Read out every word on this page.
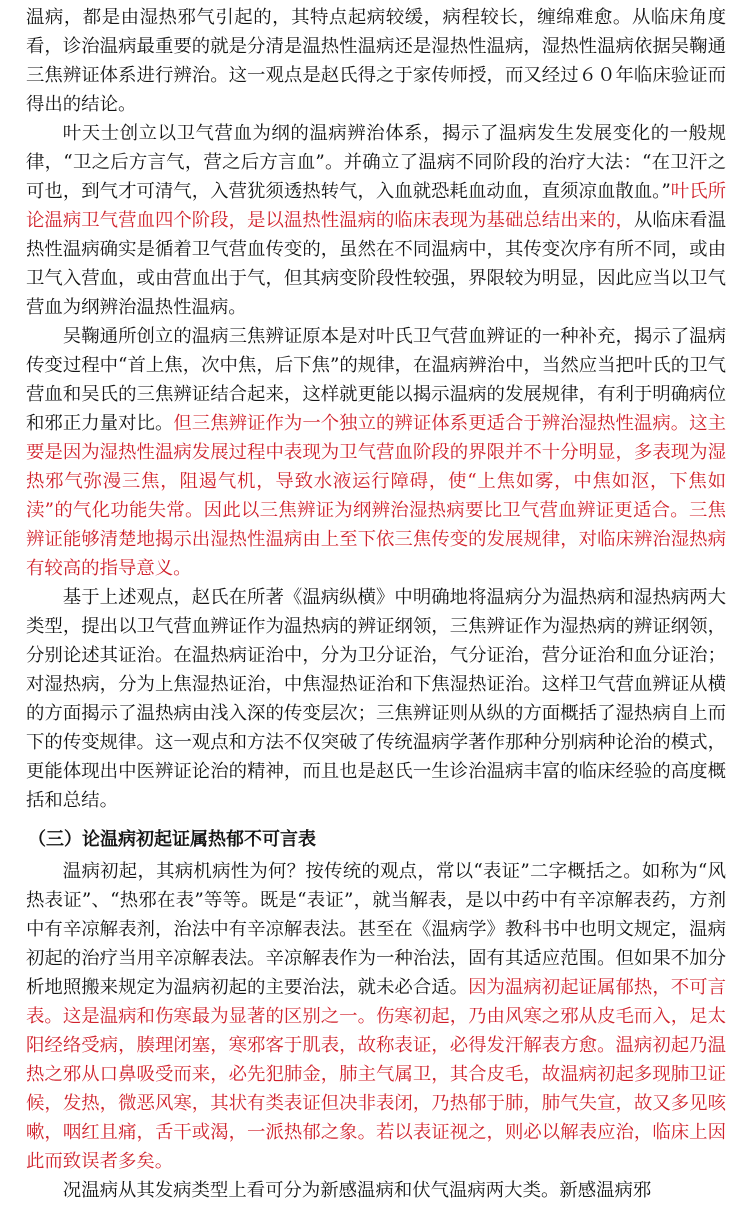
温病，都是由湿热邪气引起的，其特点起病较缓，病程较长，缠绵难愈。从临床角度看，诊治温病最重要的就是分清是温热性温病还是湿热性温病，湿热性温病依据吴鞠通三焦辨证体系进行辨治。这一观点是赵氏得之于家传师授，而又经过６０年临床验证而得出的结论。

叶天士创立以卫气营血为纲的温病辨治体系，揭示了温病发生发展变化的一般规律，“卫之后方言气，营之后方言血”。并确立了温病不同阶段的治疗大法：“在卫汗之可也，到气才可清气，入营犹须透热转气，入血就恐耗血动血，直须凉血散血。”叶氏所论温病卫气营血四个阶段，是以温热性温病的临床表现为基础总结出来的，从临床看温热性温病确实是循着卫气营血传变的，虽然在不同温病中，其传变次序有所不同，或由卫气入营血，或由营血出于气，但其病变阶段性较强，界限较为明显，因此应当以卫气营血为纲辨治温热性温病。

吴鞠通所创立的温病三焦辨证原本是对叶氏卫气营血辨证的一种补充，揭示了温病传变过程中“首上焦，次中焦，后下焦”的规律，在温病辨治中，当然应当把叶氏的卫气营血和吴氏的三焦辨证结合起来，这样就更能以揭示温病的发展规律，有利于明确病位和邪正力量对比。但三焦辨证作为一个独立的辨证体系更适合于辨治湿热性温病。这主要是因为湿热性温病发展过程中表现为卫气营血阶段的界限并不十分明显，多表现为湿热邪气弥漫三焦，阻遏气机，导致水液运行障碍，使“上焦如雾，中焦如沤，下焦如渎”的气化功能失常。因此以三焦辨证为纲辨治湿热病要比卫气营血辨证更适合。三焦辨证能够清楚地揭示出湿热性温病由上至下依三焦传变的发展规律，对临床辨治湿热病有较高的指导意义。

基于上述观点，赵氏在所著《温病纵横》中明确地将温病分为温热病和湿热病两大类型，提出以卫气营血辨证作为温热病的辨证纲领，三焦辨证作为湿热病的辨证纲领，分别论述其证治。在温热病证治中，分为卫分证治，气分证治，营分证治和血分证治；对湿热病，分为上焦湿热证治，中焦湿热证治和下焦湿热证治。这样卫气营血辨证从横的方面揭示了温热病由浅入深的传变层次；三焦辨证则从纵的方面概括了湿热病自上而下的传变规律。这一观点和方法不仅突破了传统温病学著作那种分别病种论治的模式，更能体现出中医辨证论治的精神，而且也是赵氏一生诊治温病丰富的临床经验的高度概括和总结。

（三）论温病初起证属热郁不可言表

温病初起，其病机病性为何？按传统的观点，常以“表证”二字概括之。如称为“风热表证”、“热邪在表”等等。既是“表证”，就当解表，是以中药中有辛凉解表药，方剂中有辛凉解表剂，治法中有辛凉解表法。甚至在《温病学》教科书中也明文规定，温病初起的治疗当用辛凉解表法。辛凉解表作为一种治法，固有其适应范围。但如果不加分析地照搬来规定为温病初起的主要治法，就未必合适。因为温病初起证属郁热，不可言表。这是温病和伤寒最为显著的区别之一。伤寒初起，乃由风寒之邪从皮毛而入，足太阳经络受病，腠理闭塞，寒邪客于肌表，故称表证，必得发汗解表方愈。温病初起乃温热之邪从口鼻吸受而来，必先犯肺金，肺主气属卫，其合皮毛，故温病初起多现肺卫证候，发热，微恶风寒，其状有类表证但决非表闭，乃热郁于肺，肺气失宣，故又多见咳嗽，咽红且痛，舌干或渴，一派热郁之象。若以表证视之，则必以解表应治，临床上因此而致误者多矣。

况温病从其发病类型上看可分为新感温病和伏气温病两大类。新感温病邪
